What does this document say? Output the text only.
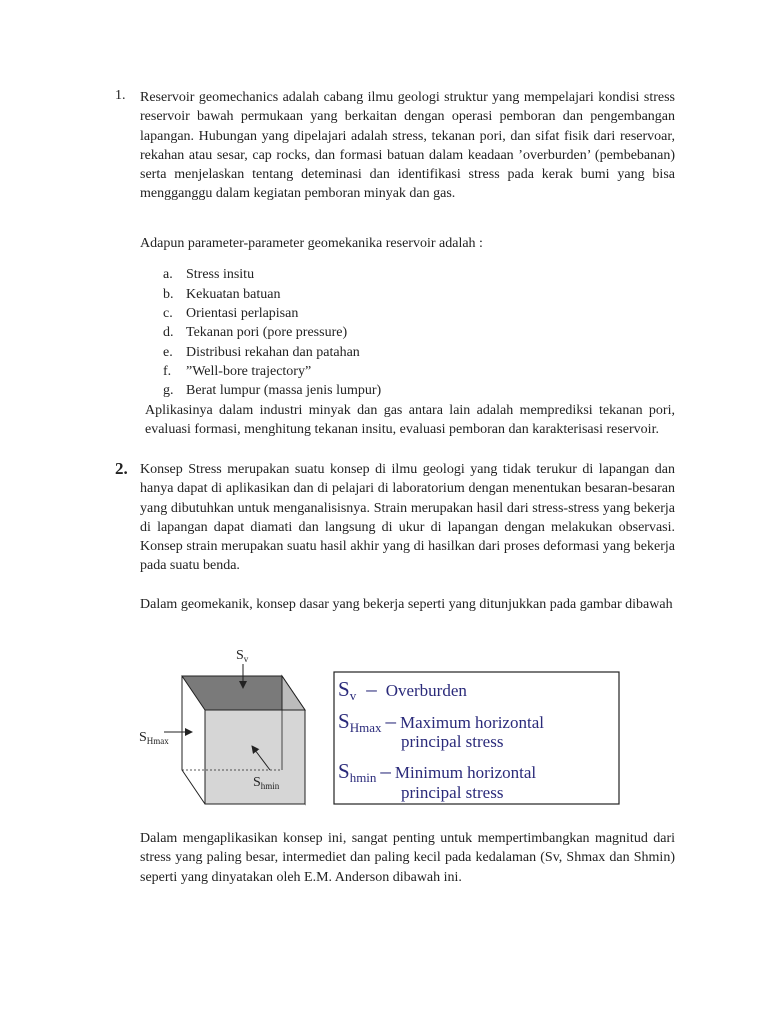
1. Reservoir geomechanics adalah cabang ilmu geologi struktur yang mempelajari kondisi stress reservoir bawah permukaan yang berkaitan dengan operasi pemboran dan pengembangan lapangan. Hubungan yang dipelajari adalah stress, tekanan pori, dan sifat fisik dari reservoar, rekahan atau sesar, cap rocks, dan formasi batuan dalam keadaan ’overburden’ (pembebanan) serta menjelaskan tentang deteminasi dan identifikasi stress pada kerak bumi yang bisa mengganggu dalam kegiatan pemboran minyak dan gas.
Adapun parameter-parameter geomekanika reservoir adalah :
a. Stress insitu
b. Kekuatan batuan
c. Orientasi perlapisan
d. Tekanan pori (pore pressure)
e. Distribusi rekahan dan patahan
f. ”Well-bore trajectory”
g. Berat lumpur (massa jenis lumpur)
Aplikasinya dalam industri minyak dan gas antara lain adalah memprediksi tekanan pori, evaluasi formasi, menghitung tekanan insitu, evaluasi pemboran dan karakterisasi reservoir.
2. Konsep Stress merupakan suatu konsep di ilmu geologi yang tidak terukur di lapangan dan hanya dapat di aplikasikan dan di pelajari di laboratorium dengan menentukan besaran-besaran yang dibutuhkan untuk menganalisisnya. Strain merupakan hasil dari stress-stress yang bekerja di lapangan dapat diamati dan langsung di ukur di lapangan dengan melakukan observasi. Konsep strain merupakan suatu hasil akhir yang di hasilkan dari proses deformasi yang bekerja pada suatu benda.
Dalam geomekanik, konsep dasar yang bekerja seperti yang ditunjukkan pada gambar dibawah
$S_v$
$S_{Hmax}$
$S_{hmin}$
Sv – Overburden
SHmax – Maximum horizontal
principal stress
Shmin – Minimum horizontal
principal stress
Dalam mengaplikasikan konsep ini, sangat penting untuk mempertimbangkan magnitud dari stress yang paling besar, intermediet dan paling kecil pada kedalaman (Sv, Shmax dan Shmin) seperti yang dinyatakan oleh E.M. Anderson dibawah ini.
